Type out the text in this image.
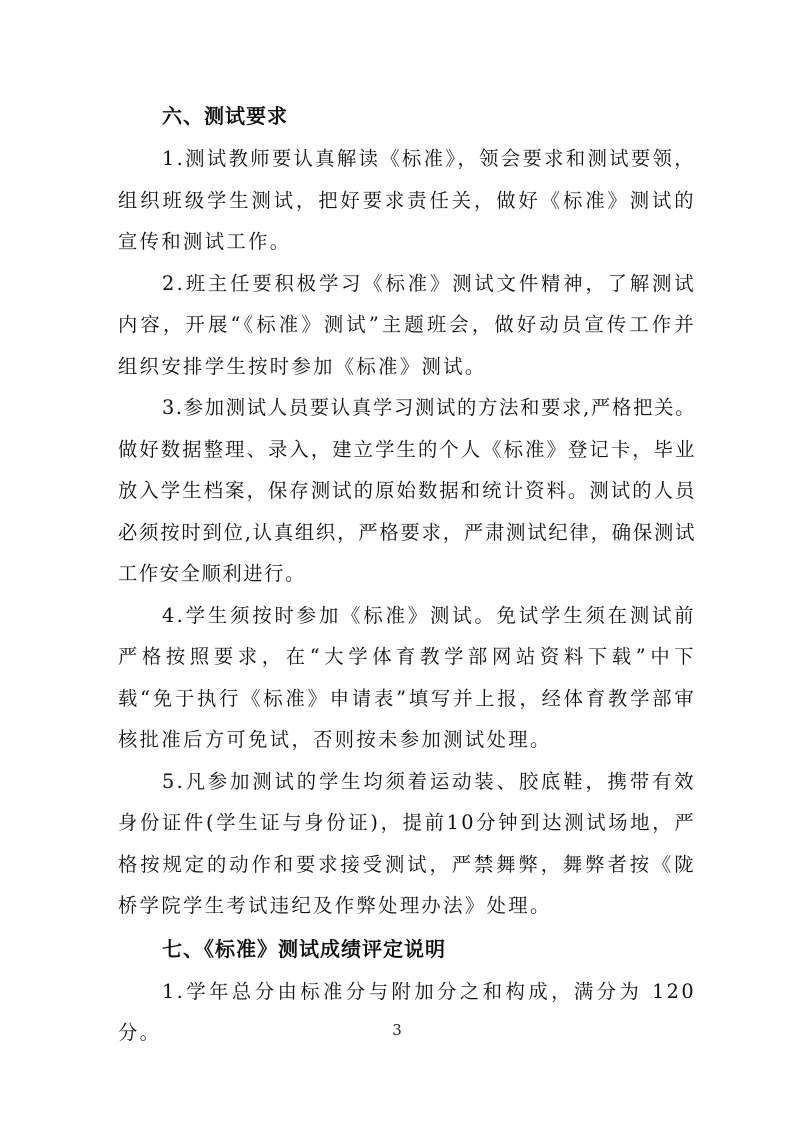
六、测试要求

1.测试教师要认真解读《标准》，领会要求和测试要领，组织班级学生测试，把好要求责任关，做好《标准》测试的宣传和测试工作。

2.班主任要积极学习《标准》测试文件精神，了解测试内容，开展“《标准》测试”主题班会，做好动员宣传工作并组织安排学生按时参加《标准》测试。

3.参加测试人员要认真学习测试的方法和要求,严格把关。做好数据整理、录入，建立学生的个人《标准》登记卡，毕业放入学生档案，保存测试的原始数据和统计资料。测试的人员必须按时到位,认真组织，严格要求，严肃测试纪律，确保测试工作安全顺利进行。

4.学生须按时参加《标准》测试。免试学生须在测试前严格按照要求，在“大学体育教学部网站资料下载”中下载“免于执行《标准》申请表”填写并上报，经体育教学部审核批准后方可免试，否则按未参加测试处理。

5.凡参加测试的学生均须着运动装、胶底鞋，携带有效身份证件(学生证与身份证)，提前10分钟到达测试场地，严格按规定的动作和要求接受测试，严禁舞弊，舞弊者按《陇桥学院学生考试违纪及作弊处理办法》处理。

七、《标准》测试成绩评定说明

1.学年总分由标准分与附加分之和构成，满分为 120 分。	3
